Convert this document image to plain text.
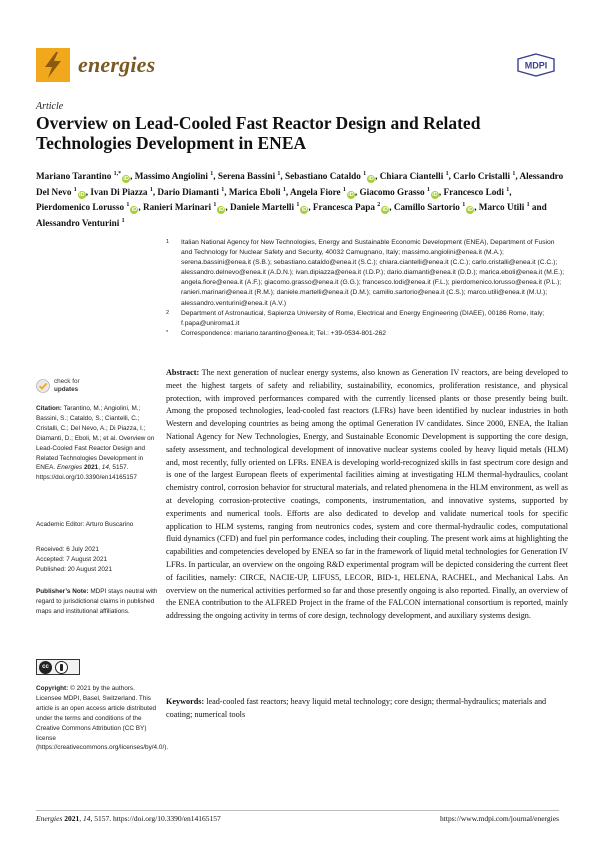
energies	MDPI
Article
Overview on Lead-Cooled Fast Reactor Design and Related Technologies Development in ENEA
Mariano Tarantino $^{1,*}$iD, Massimo Angiolini $^1$, Serena Bassini $^1$, Sebastiano Cataldo $^1$iD, Chiara Ciantelli $^1$, Carlo Cristalli $^1$, Alessandro Del Nevo $^1$iD, Ivan Di Piazza $^1$, Dario Diamanti $^1$, Marica Eboli $^1$, Angela Fiore $^1$iD, Giacomo Grasso $^1$iD, Francesco Lodi $^1$, Pierdomenico Lorusso $^1$iD, Ranieri Marinari $^1$iD, Daniele Martelli $^1$iD, Francesca Papa $^2$iD, Camillo Sartorio $^1$iD, Marco Utili $^1$ and Alessandro Venturini $^1$
1 Italian National Agency for New Technologies, Energy and Sustainable Economic Development (ENEA), Department of Fusion and Technology for Nuclear Safety and Security, 40032 Camugnano, Italy; massimo.angiolini@enea.it (M.A.); serena.bassini@enea.it (S.B.); sebastiano.cataldo@enea.it (S.C.); chiara.ciantelli@enea.it (C.C.); carlo.cristalli@enea.it (C.C.); alessandro.delnevo@enea.it (A.D.N.); ivan.dipiazza@enea.it (I.D.P.); dario.diamanti@enea.it (D.D.); marica.eboli@enea.it (M.E.); angela.fiore@enea.it (A.F.); giacomo.grasso@enea.it (G.G.); francesco.lodi@enea.it (F.L.); pierdomenico.lorusso@enea.it (P.L.); ranieri.marinari@enea.it (R.M.); daniele.martelli@enea.it (D.M.); camillo.sartorio@enea.it (C.S.); marco.utili@enea.it (M.U.); alessandro.venturini@enea.it (A.V.)
2 Department of Astronautical, Sapienza University of Rome, Electrical and Energy Engineering (DIAEE), 00186 Rome, Italy; f.papa@uniroma1.it
* Correspondence: mariano.tarantino@enea.it; Tel.: +39-0534-801-262
check for
updates
Citation: Tarantino, M.; Angiolini, M.; Bassini, S.; Cataldo, S.; Ciantelli, C.; Cristalli, C.; Del Nevo, A.; Di Piazza, I.; Diamanti, D.; Eboli, M.; et al. Overview on Lead-Cooled Fast Reactor Design and Related Technologies Development in ENEA. Energies 2021, 14, 5157. https://doi.org/10.3390/en14165157
Academic Editor: Arturo Buscarino
Received: 6 July 2021
Accepted: 7 August 2021
Published: 20 August 2021
Publisher’s Note: MDPI stays neutral with regard to jurisdictional claims in published maps and institutional affiliations.
cc
Copyright: © 2021 by the authors. Licensee MDPI, Basel, Switzerland. This article is an open access article distributed under the terms and conditions of the Creative Commons Attribution (CC BY) license (https://creativecommons.org/licenses/by/4.0/).
Abstract: The next generation of nuclear energy systems, also known as Generation IV reactors, are being developed to meet the highest targets of safety and reliability, sustainability, economics, proliferation resistance, and physical protection, with improved performances compared with the currently licensed plants or those presently being built. Among the proposed technologies, lead-cooled fast reactors (LFRs) have been identified by nuclear industries in both Western and developing countries as being among the optimal Generation IV candidates. Since 2000, ENEA, the Italian National Agency for New Technologies, Energy, and Sustainable Economic Development is supporting the core design, safety assessment, and technological development of innovative nuclear systems cooled by heavy liquid metals (HLM) and, most recently, fully oriented on LFRs. ENEA is developing world-recognized skills in fast spectrum core design and is one of the largest European fleets of experimental facilities aiming at investigating HLM thermal-hydraulics, coolant chemistry control, corrosion behavior for structural materials, and related phenomena in the HLM environment, as well as at developing corrosion-protective coatings, components, instrumentation, and innovative systems, supported by experiments and numerical tools. Efforts are also dedicated to develop and validate numerical tools for specific application to HLM systems, ranging from neutronics codes, system and core thermal-hydraulic codes, computational fluid dynamics (CFD) and fuel pin performance codes, including their coupling. The present work aims at highlighting the capabilities and competencies developed by ENEA so far in the framework of liquid metal technologies for Generation IV LFRs. In particular, an overview on the ongoing R&D experimental program will be depicted considering the current fleet of facilities, namely: CIRCE, NACIE-UP, LIFUS5, LECOR, BID-1, HELENA, RACHEL, and Mechanical Labs. An overview on the numerical activities performed so far and those presently ongoing is also reported. Finally, an overview of the ENEA contribution to the ALFRED Project in the frame of the FALCON international consortium is reported, mainly addressing the ongoing activity in terms of core design, technology development, and auxiliary systems design.
Keywords: lead-cooled fast reactors; heavy liquid metal technology; core design; thermal-hydraulics; materials and coating; numerical tools
Energies 2021, 14, 5157. https://doi.org/10.3390/en14165157	https://www.mdpi.com/journal/energies
